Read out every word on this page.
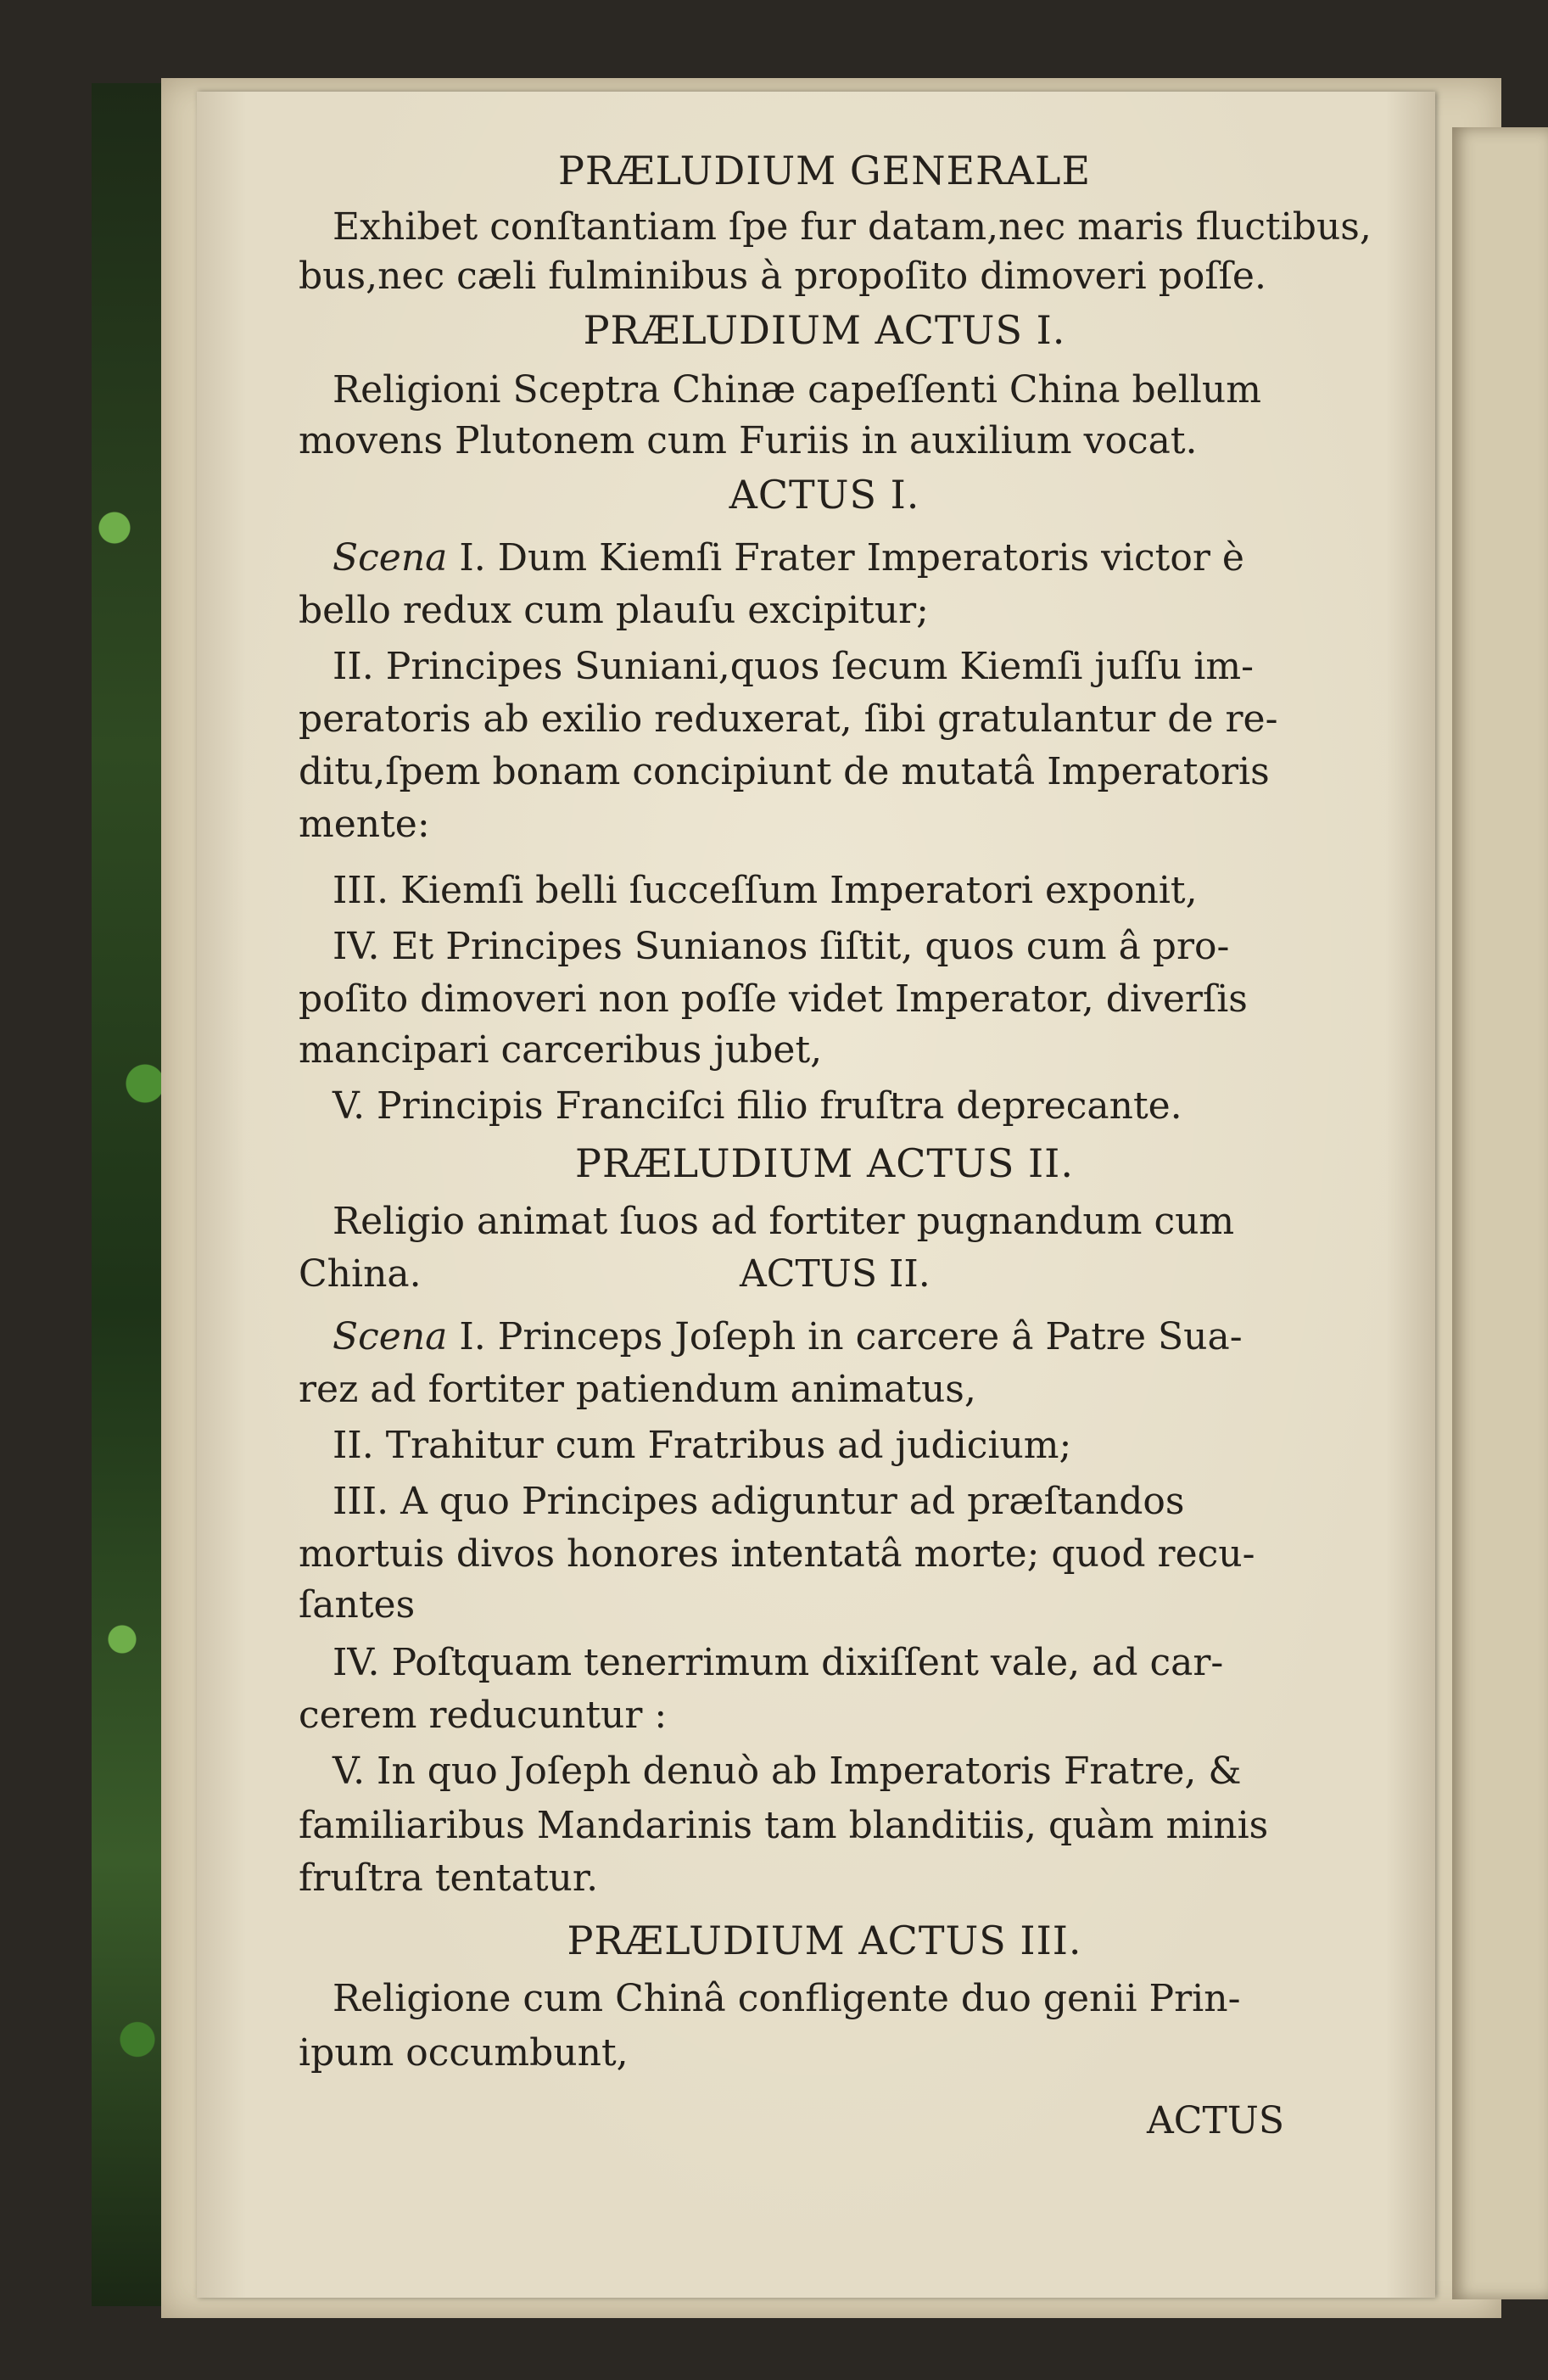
PRÆLUDIUM GENERALE
Exhibet conſtantiam ſpe fur datam,nec maris fluctibus,
bus,nec cæli fulminibus à propoſito dimoveri poſſe.
PRÆLUDIUM ACTUS I.
Religioni Sceptra Chinæ capeſſenti China bellum
movens Plutonem cum Furiis in auxilium vocat.
ACTUS I.
Scena I. Dum Kiemſi Frater Imperatoris victor è
bello redux cum plauſu excipitur;
II. Principes Suniani,quos ſecum Kiemſi juſſu im-
peratoris ab exilio reduxerat, ſibi gratulantur de re-
ditu,ſpem bonam concipiunt de mutatâ Imperatoris
mente:
III. Kiemſi belli ſucceſſum Imperatori exponit,
IV. Et Principes Sunianos ſiſtit, quos cum â pro-
poſito dimoveri non poſſe videt Imperator, diverſis
mancipari carceribus jubet,
V. Principis Franciſci filio fruſtra deprecante.
PRÆLUDIUM ACTUS II.
Religio animat ſuos ad fortiter pugnandum cum
China.	ACTUS II.
Scena I. Princeps Joſeph in carcere â Patre Sua-
rez ad fortiter patiendum animatus,
II. Trahitur cum Fratribus ad judicium;
III. A quo Principes adiguntur ad præſtandos
mortuis divos honores intentatâ morte; quod recu-
ſantes
IV. Poſtquam tenerrimum dixiſſent vale, ad car-
cerem reducuntur :
V. In quo Joſeph denuò ab Imperatoris Fratre, &
familiaribus Mandarinis tam blanditiis, quàm minis
fruſtra tentatur.
PRÆLUDIUM ACTUS III.
Religione cum Chinâ confligente duo genii Prin-
ipum occumbunt,
ACTUS
